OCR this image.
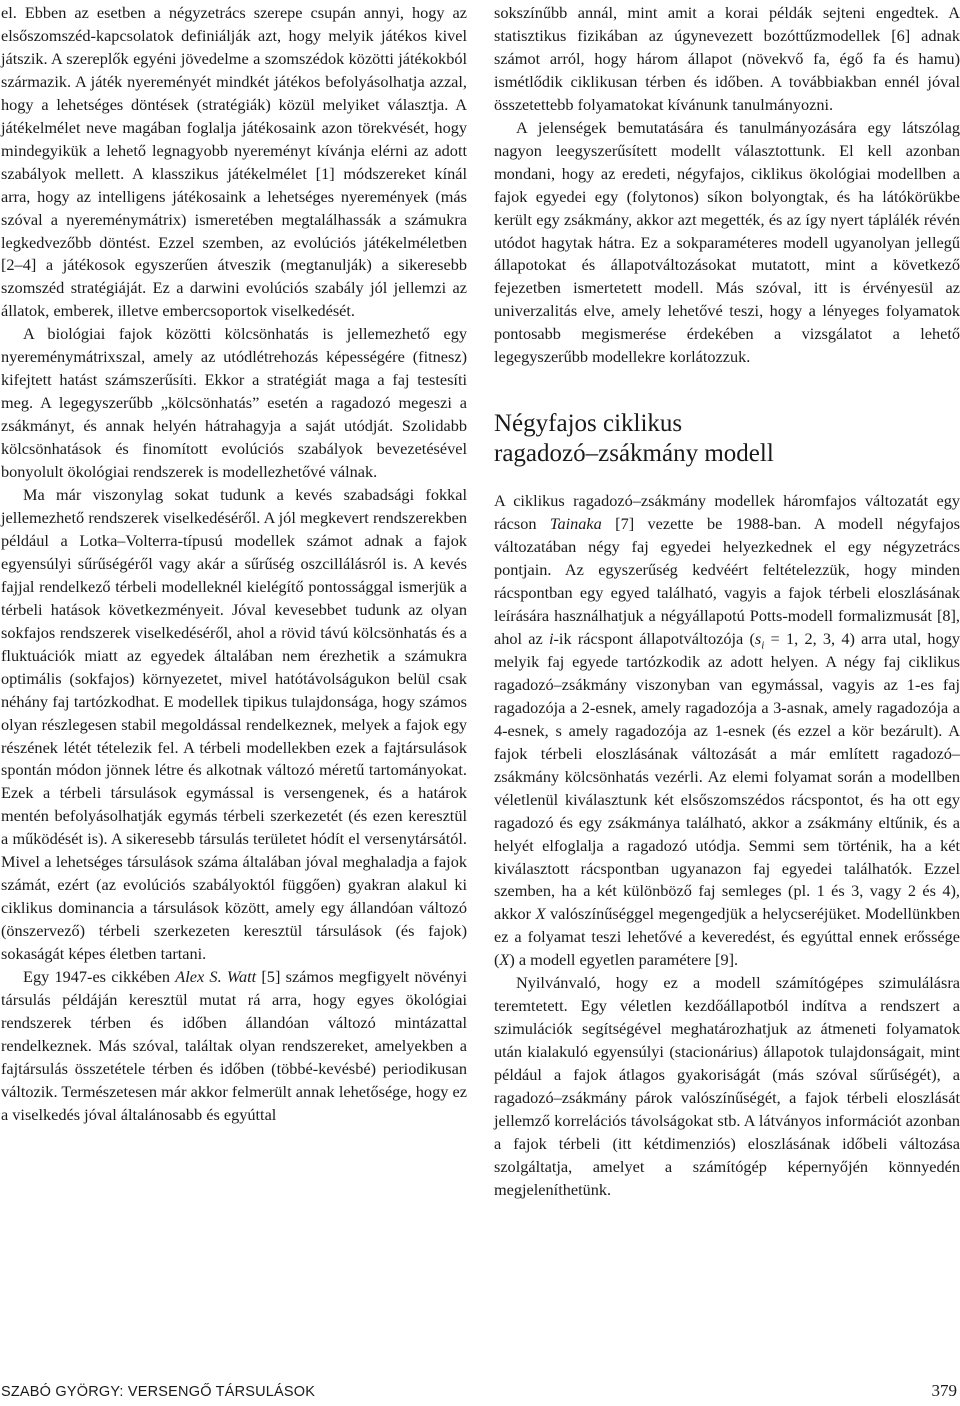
el. Ebben az esetben a négyzetrács szerepe csupán annyi, hogy az elsőszomszéd-kapcsolatok definiálják azt, hogy melyik játékos kivel játszik. A szereplők egyéni jövedelme a szomszédok közötti játékokból származik. A játék nyereményét mindkét játékos befolyásolhatja azzal, hogy a lehetséges döntések (stratégiák) közül melyiket választja. A játékelmélet neve magában foglalja játékosaink azon törekvését, hogy mindegyikük a lehető legnagyobb nyereményt kívánja elérni az adott szabályok mellett. A klasszikus játékelmélet [1] módszereket kínál arra, hogy az intelligens játékosaink a lehetséges nyeremények (más szóval a nyereménymátrix) ismeretében megtalálhassák a számukra legkedvezőbb döntést. Ezzel szemben, az evolúciós játékelméletben [2–4] a játékosok egyszerűen átveszik (megtanulják) a sikeresebb szomszéd stratégiáját. Ez a darwini evolúciós szabály jól jellemzi az állatok, emberek, illetve embercsoportok viselkedését.

A biológiai fajok közötti kölcsönhatás is jellemezhető egy nyereménymátrixszal, amely az utódlétrehozás képességére (fitnesz) kifejtett hatást számszerűsíti. Ekkor a stratégiát maga a faj testesíti meg. A legegyszerűbb „kölcsönhatás” esetén a ragadozó megeszi a zsákmányt, és annak helyén hátrahagyja a saját utódját. Szolidabb kölcsönhatások és finomított evolúciós szabályok bevezetésével bonyolult ökológiai rendszerek is modellezhetővé válnak.

Ma már viszonylag sokat tudunk a kevés szabadsági fokkal jellemezhető rendszerek viselkedéséről. A jól megkevert rendszerekben például a Lotka–Volterra-típusú modellek számot adnak a fajok egyensúlyi sűrűségéről vagy akár a sűrűség oszcillálásról is. A kevés fajjal rendelkező térbeli modelleknél kielégítő pontossággal ismerjük a térbeli hatások következményeit. Jóval kevesebbet tudunk az olyan sokfajos rendszerek viselkedéséről, ahol a rövid távú kölcsönhatás és a fluktuációk miatt az egyedek általában nem érezhetik a számukra optimális (sokfajos) környezetet, mivel hatótávolságukon belül csak néhány faj tartózkodhat. E modellek tipikus tulajdonsága, hogy számos olyan részlegesen stabil megoldással rendelkeznek, melyek a fajok egy részének létét tételezik fel. A térbeli modellekben ezek a fajtársulások spontán módon jönnek létre és alkotnak változó méretű tartományokat. Ezek a térbeli társulások egymással is versengenek, és a határok mentén befolyásolhatják egymás térbeli szerkezetét (és ezen keresztül a működését is). A sikeresebb társulás területet hódít el versenytársától. Mivel a lehetséges társulások száma általában jóval meghaladja a fajok számát, ezért (az evolúciós szabályoktól függően) gyakran alakul ki ciklikus dominancia a társulások között, amely egy állandóan változó (önszervező) térbeli szerkezeten keresztül társulások (és fajok) sokaságát képes életben tartani.

Egy 1947-es cikkében Alex S. Watt [5] számos megfigyelt növényi társulás példáján keresztül mutat rá arra, hogy egyes ökológiai rendszerek térben és időben állandóan változó mintázattal rendelkeznek. Más szóval, találtak olyan rendszereket, amelyekben a fajtársulás összetétele térben és időben (többé-kevésbé) periodikusan változik. Természetesen már akkor felmerült annak lehetősége, hogy ez a viselkedés jóval általánosabb és egyúttal

sokszínűbb annál, mint amit a korai példák sejteni engedtek. A statisztikus fizikában az úgynevezett bozóttűzmodellek [6] adnak számot arról, hogy három állapot (növekvő fa, égő fa és hamu) ismétlődik ciklikusan térben és időben. A továbbiakban ennél jóval összetettebb folyamatokat kívánunk tanulmányozni.

A jelenségek bemutatására és tanulmányozására egy látszólag nagyon leegyszerűsített modellt választottunk. El kell azonban mondani, hogy az eredeti, négyfajos, ciklikus ökológiai modellben a fajok egyedei egy (folytonos) síkon bolyongtak, és ha látókörükbe került egy zsákmány, akkor azt megették, és az így nyert táplálék révén utódot hagytak hátra. Ez a sokparaméteres modell ugyanolyan jellegű állapotokat és állapotváltozásokat mutatott, mint a következő fejezetben ismertetett modell. Más szóval, itt is érvényesül az univerzalitás elve, amely lehetővé teszi, hogy a lényeges folyamatok pontosabb megismerése érdekében a vizsgálatot a lehető legegyszerűbb modellekre korlátozzuk.

Négyfajos ciklikus
ragadozó–zsákmány modell

A ciklikus ragadozó–zsákmány modellek háromfajos változatát egy rácson Tainaka [7] vezette be 1988-ban. A modell négyfajos változatában négy faj egyedei helyezkednek el egy négyzetrács pontjain. Az egyszerűség kedvéért feltételezzük, hogy minden rácspontban egy egyed található, vagyis a fajok térbeli eloszlásának leírására használhatjuk a négyállapotú Potts-modell formalizmusát [8], ahol az i-ik rácspont állapotváltozója ($s_i = 1$, 2, 3, 4) arra utal, hogy melyik faj egyede tartózkodik az adott helyen. A négy faj ciklikus ragadozó–zsákmány viszonyban van egymással, vagyis az 1-es faj ragadozója a 2-esnek, amely ragadozója a 3-asnak, amely ragadozója a 4-esnek, s amely ragadozója az 1-esnek (és ezzel a kör bezárult). A fajok térbeli eloszlásának változását a már említett ragadozó–zsákmány kölcsönhatás vezérli. Az elemi folyamat során a modellben véletlenül kiválasztunk két elsőszomszédos rácspontot, és ha ott egy ragadozó és egy zsákmánya található, akkor a zsákmány eltűnik, és a helyét elfoglalja a ragadozó utódja. Semmi sem történik, ha a két kiválasztott rácspontban ugyanazon faj egyedei találhatók. Ezzel szemben, ha a két különböző faj semleges (pl. 1 és 3, vagy 2 és 4), akkor X valószínűséggel megengedjük a helycseréjüket. Modellünkben ez a folyamat teszi lehetővé a keveredést, és egyúttal ennek erőssége (X) a modell egyetlen paramétere [9].

Nyilvánvaló, hogy ez a modell számítógépes szimulálásra teremtetett. Egy véletlen kezdőállapotból indítva a rendszert a szimulációk segítségével meghatározhatjuk az átmeneti folyamatok után kialakuló egyensúlyi (stacionárius) állapotok tulajdonságait, mint például a fajok átlagos gyakoriságát (más szóval sűrűségét), a ragadozó–zsákmány párok valószínűségét, a fajok térbeli eloszlását jellemző korrelációs távolságokat stb. A látványos információt azonban a fajok térbeli (itt kétdimenziós) eloszlásának időbeli változása szolgáltatja, amelyet a számítógép képernyőjén könnyedén megjeleníthetünk.

SZABÓ GYÖRGY: VERSENGŐ TÁRSULÁSOK	379
